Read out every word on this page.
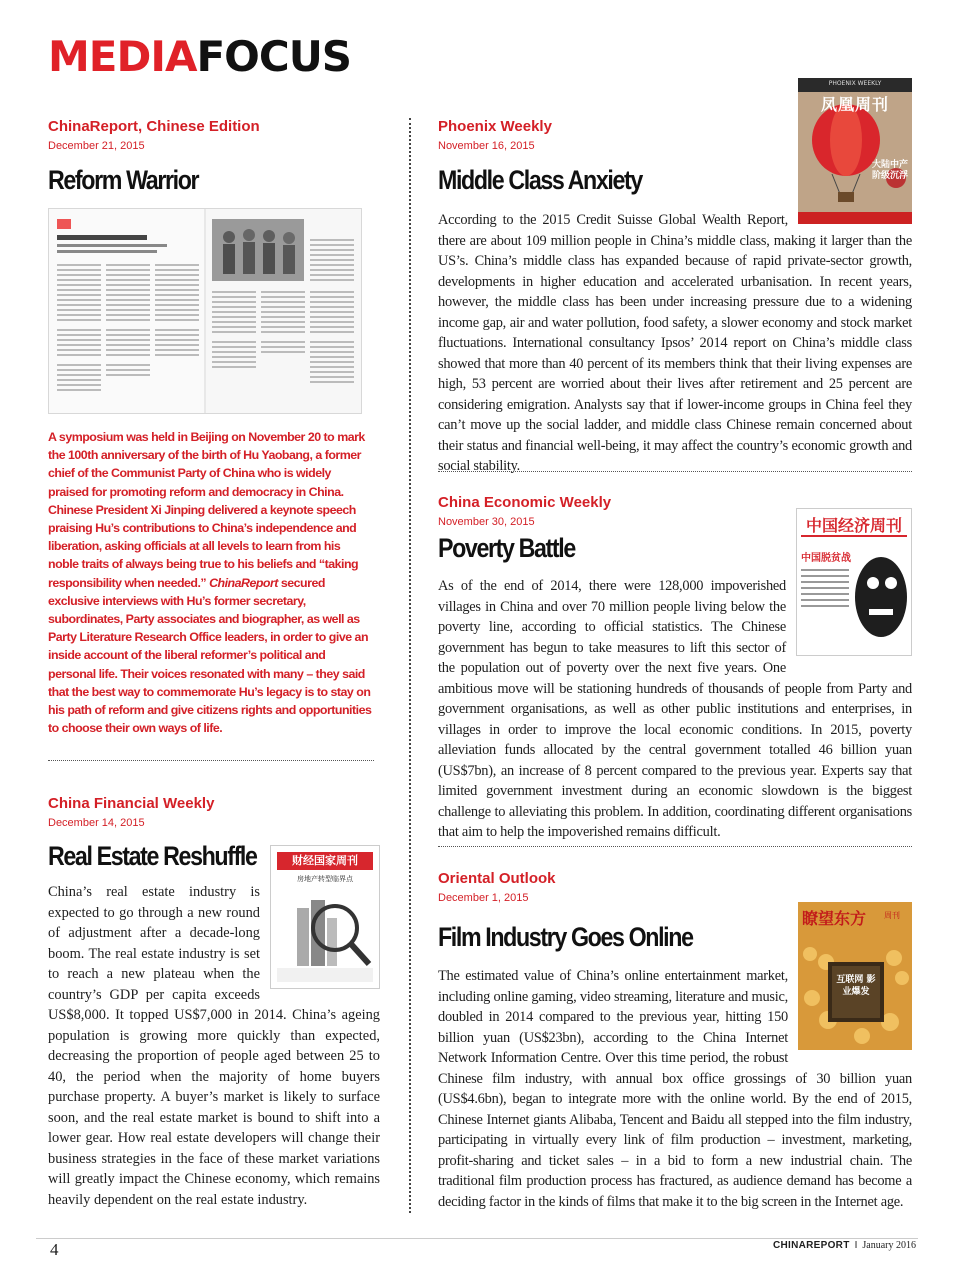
MEDIAFOCUS
ChinaReport, Chinese Edition
December 21, 2015
Reform Warrior

A symposium was held in Beijing on November 20 to mark the 100th anniversary of the birth of Hu Yaobang, a former chief of the Communist Party of China who is widely praised for promoting reform and democracy in China. Chinese President Xi Jinping delivered a keynote speech praising Hu’s contributions to China’s independence and liberation, asking officials at all levels to learn from his noble traits of always being true to his beliefs and “taking responsibility when needed.” ChinaReport secured exclusive interviews with Hu’s former secretary, subordinates, Party associates and biographer, as well as Party Literature Research Office leaders, in order to give an inside account of the liberal reformer’s political and personal life. Their voices resonated with many – they said that the best way to commemorate Hu’s legacy is to stay on his path of reform and give citizens rights and opportunities to choose their own ways of life.

China Financial Weekly
December 14, 2015
Real Estate Reshuffle	财经国家周刊
房地产转型临界点

China’s real estate industry is expected to go through a new round of adjustment after a decade-long boom. The real estate industry is set to reach a new plateau when the country’s GDP per capita exceeds US$8,000. It topped US$7,000 in 2014. China’s ageing population is growing more quickly than expected, decreasing the proportion of people aged between 25 to 40, the period when the majority of home buyers purchase property. A buyer’s market is likely to surface soon, and the real estate market is bound to shift into a lower gear. How real estate developers will change their business strategies in the face of these market variations will greatly impact the Chinese economy, which remains heavily dependent on the real estate industry.

Phoenix Weekly
November 16, 2015
Middle Class Anxiety
PHOENIX WEEKLY
凤凰周刊
大陆中产阶级沉浮

According to the 2015 Credit Suisse Global Wealth Report, there are about 109 million people in China’s middle class, making it larger than the US’s. China’s middle class has expanded because of rapid private-sector growth, developments in higher education and accelerated urbanisation. In recent years, however, the middle class has been under increasing pressure due to a widening income gap, air and water pollution, food safety, a slower economy and stock market fluctuations. International consultancy Ipsos’ 2014 report on China’s middle class showed that more than 40 percent of its members think that their living expenses are high, 53 percent are worried about their lives after retirement and 25 percent are considering emigration. Analysts say that if lower-income groups in China feel they can’t move up the social ladder, and middle class Chinese remain concerned about their status and financial well-being, it may affect the country’s economic growth and social stability.

China Economic Weekly
November 30, 2015
Poverty Battle
中国经济周刊
中国脱贫战

As of the end of 2014, there were 128,000 impoverished villages in China and over 70 million people living below the poverty line, according to official statistics. The Chinese government has begun to take measures to lift this sector of the population out of poverty over the next five years. One ambitious move will be stationing hundreds of thousands of people from Party and government organisations, as well as other public institutions and enterprises, in villages in order to improve the local economic conditions. In 2015, poverty alleviation funds allocated by the central government totalled 46 billion yuan (US$7bn), an increase of 8 percent compared to the previous year. Experts say that limited government investment during an economic slowdown is the biggest challenge to alleviating this problem. In addition, coordinating different organisations that aim to help the impoverished remains difficult.

Oriental Outlook
December 1, 2015
Film Industry Goes Online
瞭望东方	周刊
互联网 影业爆发

The estimated value of China’s online entertainment market, including online gaming, video streaming, literature and music, doubled in 2014 compared to the previous year, hitting 150 billion yuan (US$23bn), according to the China Internet Network Information Centre. Over this time period, the robust Chinese film industry, with annual box office grossings of 30 billion yuan (US$4.6bn), began to integrate more with the online world. By the end of 2015, Chinese Internet giants Alibaba, Tencent and Baidu all stepped into the film industry, participating in virtually every link of film production – investment, marketing, profit-sharing and ticket sales – in a bid to form a new industrial chain. The traditional film production process has fractured, as audience demand has become a deciding factor in the kinds of films that make it to the big screen in the Internet age.

4	CHINAREPORT I January 2016
